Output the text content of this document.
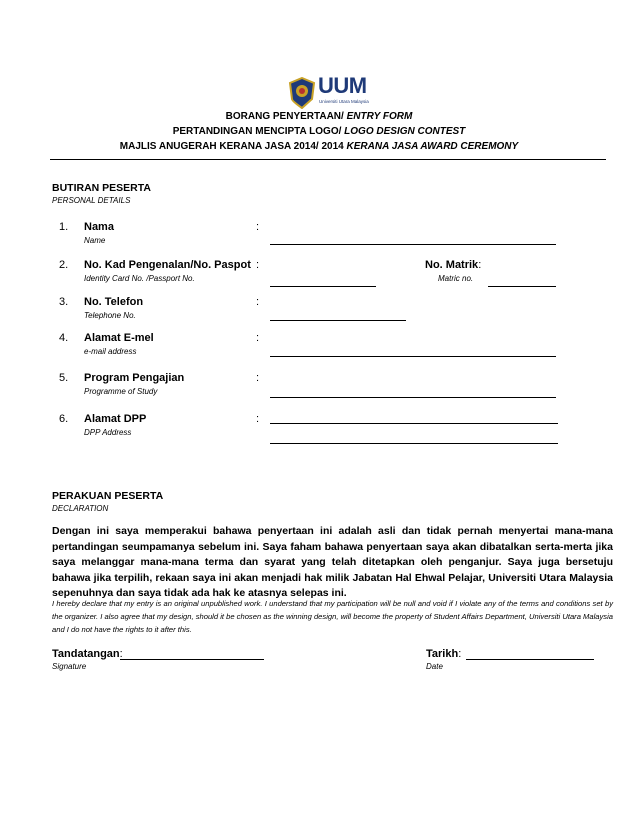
UUM
Universiti Utara Malaysia
BORANG PENYERTAAN/ ENTRY FORM
PERTANDINGAN MENCIPTA LOGO/ LOGO DESIGN CONTEST
MAJLIS ANUGERAH KERANA JASA 2014/ 2014 KERANA JASA AWARD CEREMONY
BUTIRAN PESERTA
PERSONAL DETAILS
1. Nama
Name
:
2. No. Kad Pengenalan/No. Paspot
Identity Card No. /Passport No.
:	No. Matrik:
Matric no.
3. No. Telefon
Telephone No.
:
4. Alamat E-mel
e-mail address
:
5. Program Pengajian
Programme of Study
:
6. Alamat DPP
DPP Address
:
PERAKUAN PESERTA
DECLARATION
Dengan ini saya memperakui bahawa penyertaan ini adalah asli dan tidak pernah menyertai mana-mana pertandingan seumpamanya sebelum ini. Saya faham bahawa penyertaan saya akan dibatalkan serta-merta jika saya melanggar mana-mana terma dan syarat yang telah ditetapkan oleh penganjur. Saya juga bersetuju bahawa jika terpilih, rekaan saya ini akan menjadi hak milik Jabatan Hal Ehwal Pelajar, Universiti Utara Malaysia sepenuhnya dan saya tidak ada hak ke atasnya selepas ini.
I hereby declare that my entry is an original unpublished work. I understand that my participation will be null and void if I violate any of the terms and conditions set by the organizer. I also agree that my design, should it be chosen as the winning design, will become the property of Student Affairs Department, Universiti Utara Malaysia and I do not have the rights to it after this.
Tandatangan:
Signature
Tarikh:
Date
